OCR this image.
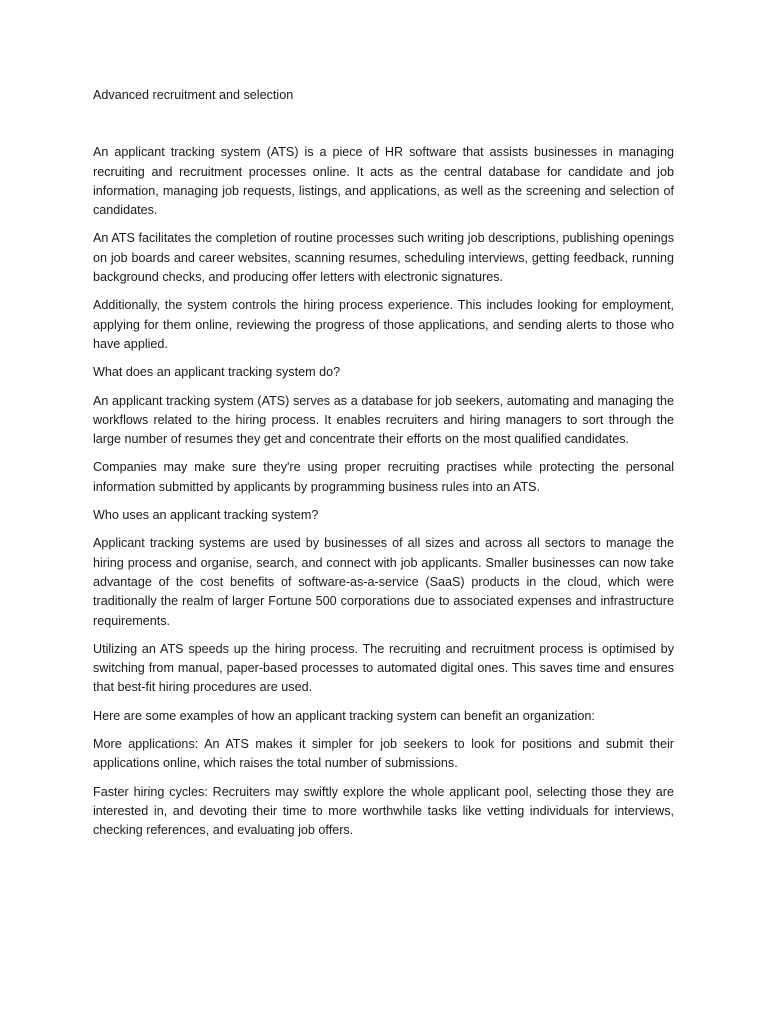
Advanced recruitment and selection

An applicant tracking system (ATS) is a piece of HR software that assists businesses in managing recruiting and recruitment processes online. It acts as the central database for candidate and job information, managing job requests, listings, and applications, as well as the screening and selection of candidates.

An ATS facilitates the completion of routine processes such writing job descriptions, publishing openings on job boards and career websites, scanning resumes, scheduling interviews, getting feedback, running background checks, and producing offer letters with electronic signatures.

Additionally, the system controls the hiring process experience. This includes looking for employment, applying for them online, reviewing the progress of those applications, and sending alerts to those who have applied.

What does an applicant tracking system do?

An applicant tracking system (ATS) serves as a database for job seekers, automating and managing the workflows related to the hiring process. It enables recruiters and hiring managers to sort through the large number of resumes they get and concentrate their efforts on the most qualified candidates.

Companies may make sure they're using proper recruiting practises while protecting the personal information submitted by applicants by programming business rules into an ATS.

Who uses an applicant tracking system?

Applicant tracking systems are used by businesses of all sizes and across all sectors to manage the hiring process and organise, search, and connect with job applicants. Smaller businesses can now take advantage of the cost benefits of software-as-a-service (SaaS) products in the cloud, which were traditionally the realm of larger Fortune 500 corporations due to associated expenses and infrastructure requirements.

Utilizing an ATS speeds up the hiring process. The recruiting and recruitment process is optimised by switching from manual, paper-based processes to automated digital ones. This saves time and ensures that best-fit hiring procedures are used.

Here are some examples of how an applicant tracking system can benefit an organization:

More applications: An ATS makes it simpler for job seekers to look for positions and submit their applications online, which raises the total number of submissions.

Faster hiring cycles: Recruiters may swiftly explore the whole applicant pool, selecting those they are interested in, and devoting their time to more worthwhile tasks like vetting individuals for interviews, checking references, and evaluating job offers.
